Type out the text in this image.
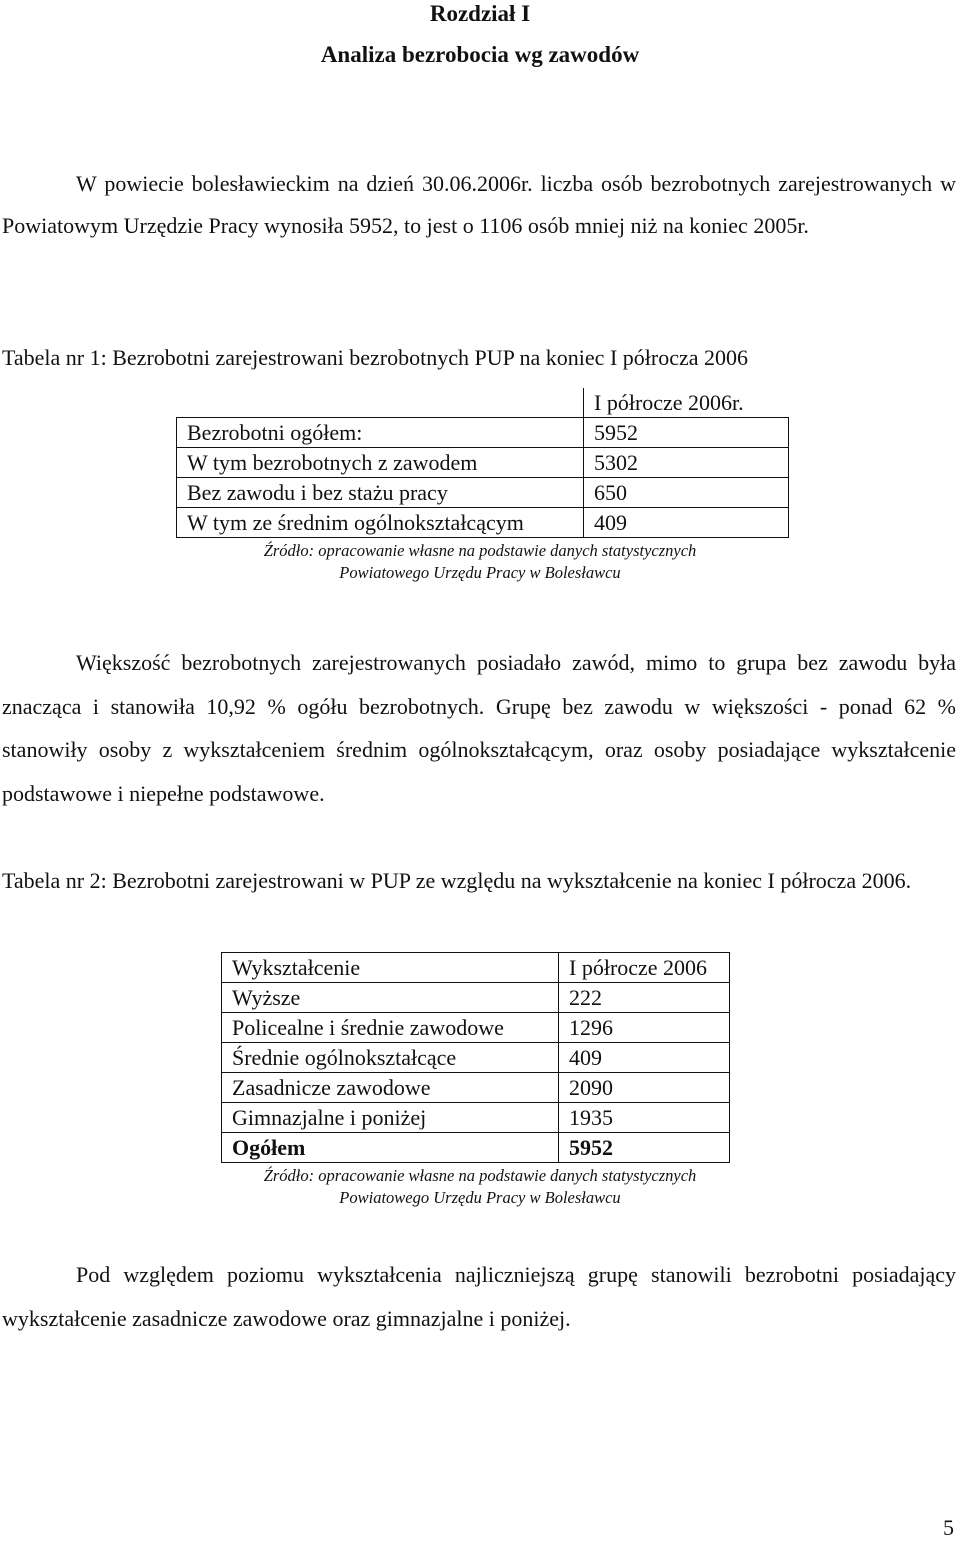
Rozdział I
Analiza bezrobocia wg zawodów
W powiecie bolesławieckim na dzień 30.06.2006r. liczba osób bezrobotnych zarejestrowanych w Powiatowym Urzędzie Pracy wynosiła 5952, to jest o 1106 osób mniej niż na koniec 2005r.
Tabela nr 1: Bezrobotni zarejestrowani bezrobotnych PUP na koniec I półrocza 2006
	I półrocze 2006r.
Bezrobotni ogółem:	5952
W tym bezrobotnych z zawodem	5302
Bez zawodu i bez stażu pracy	650
W tym ze średnim ogólnokształcącym	409
Źródło: opracowanie własne na podstawie danych statystycznych
Powiatowego Urzędu Pracy w Bolesławcu
Większość bezrobotnych zarejestrowanych posiadało zawód, mimo to grupa bez zawodu była znacząca i stanowiła 10,92 % ogółu bezrobotnych. Grupę bez zawodu w większości - ponad 62 % stanowiły osoby z wykształceniem średnim ogólnokształcącym, oraz osoby posiadające wykształcenie podstawowe i niepełne podstawowe.
Tabela nr 2: Bezrobotni zarejestrowani w PUP ze względu na wykształcenie na koniec I półrocza 2006.
Wykształcenie	I półrocze 2006
Wyższe	222
Policealne i średnie zawodowe	1296
Średnie ogólnokształcące	409
Zasadnicze zawodowe	2090
Gimnazjalne i poniżej	1935
Ogółem	5952
Źródło: opracowanie własne na podstawie danych statystycznych
Powiatowego Urzędu Pracy w Bolesławcu
Pod względem poziomu wykształcenia najliczniejszą grupę stanowili bezrobotni posiadający wykształcenie zasadnicze zawodowe oraz gimnazjalne i poniżej.
5
